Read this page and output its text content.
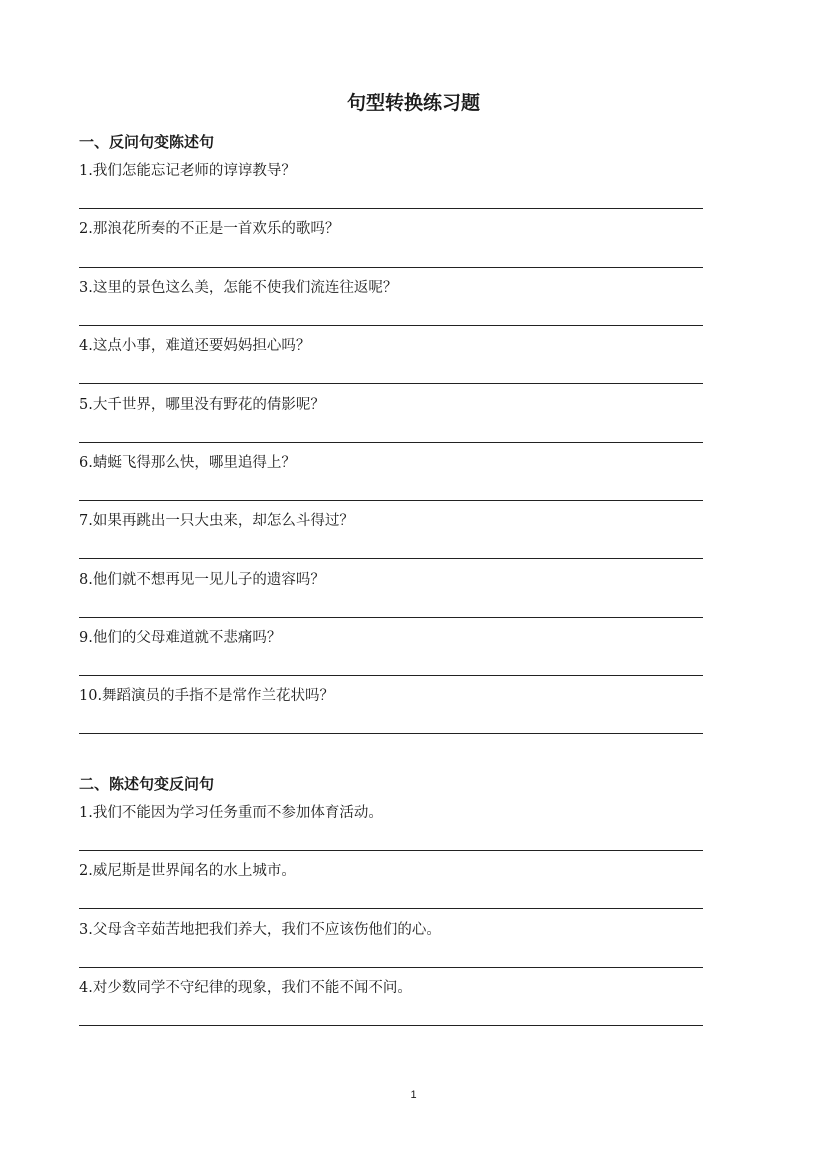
句型转换练习题
一、反问句变陈述句
1.我们怎能忘记老师的谆谆教导？
2.那浪花所奏的不正是一首欢乐的歌吗？
3.这里的景色这么美，怎能不使我们流连往返呢？
4.这点小事，难道还要妈妈担心吗？
5.大千世界，哪里没有野花的倩影呢？
6.蜻蜓飞得那么快，哪里追得上？
7.如果再跳出一只大虫来，却怎么斗得过？
8.他们就不想再见一见儿子的遗容吗？
9.他们的父母难道就不悲痛吗？
10.舞蹈演员的手指不是常作兰花状吗？
二、陈述句变反问句
1.我们不能因为学习任务重而不参加体育活动。
2.威尼斯是世界闻名的水上城市。
3.父母含辛茹苦地把我们养大，我们不应该伤他们的心。
4.对少数同学不守纪律的现象，我们不能不闻不问。
1
